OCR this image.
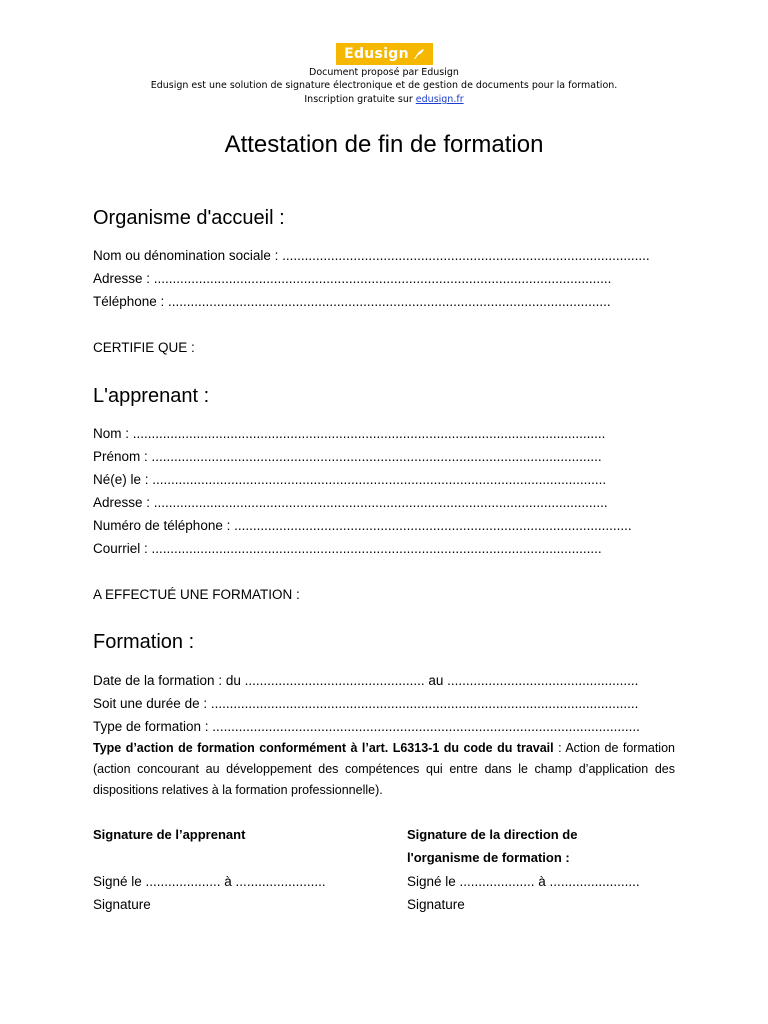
Edusign
Document proposé par Edusign
Edusign est une solution de signature électronique et de gestion de documents pour la formation.
Inscription gratuite sur edusign.fr
Attestation de fin de formation
Organisme d'accueil :
Nom ou dénomination sociale : ..................................................................................................
Adresse : ..........................................................................................................................
Téléphone : ......................................................................................................................
CERTIFIE QUE :
L'apprenant :
Nom : ..............................................................................................................................
Prénom : ........................................................................................................................
Né(e) le : .........................................................................................................................
Adresse : .........................................................................................................................
Numéro de téléphone : ..........................................................................................................
Courriel : ........................................................................................................................
A EFFECTUÉ UNE FORMATION :
Formation :
Date de la formation : du ................................................ au ...................................................
Soit une durée de : ..................................................................................................................
Type de formation : ..................................................................................................................
Type d’action de formation conformément à l’art. L6313-1 du code du travail : Action de formation (action concourant au développement des compétences qui entre dans le champ d’application des dispositions relatives à la formation professionnelle).
Signature de l’apprenant	Signature de la direction de
l'organisme de formation :
Signé le .................... à ........................	Signé le .................... à ........................
Signature	Signature
